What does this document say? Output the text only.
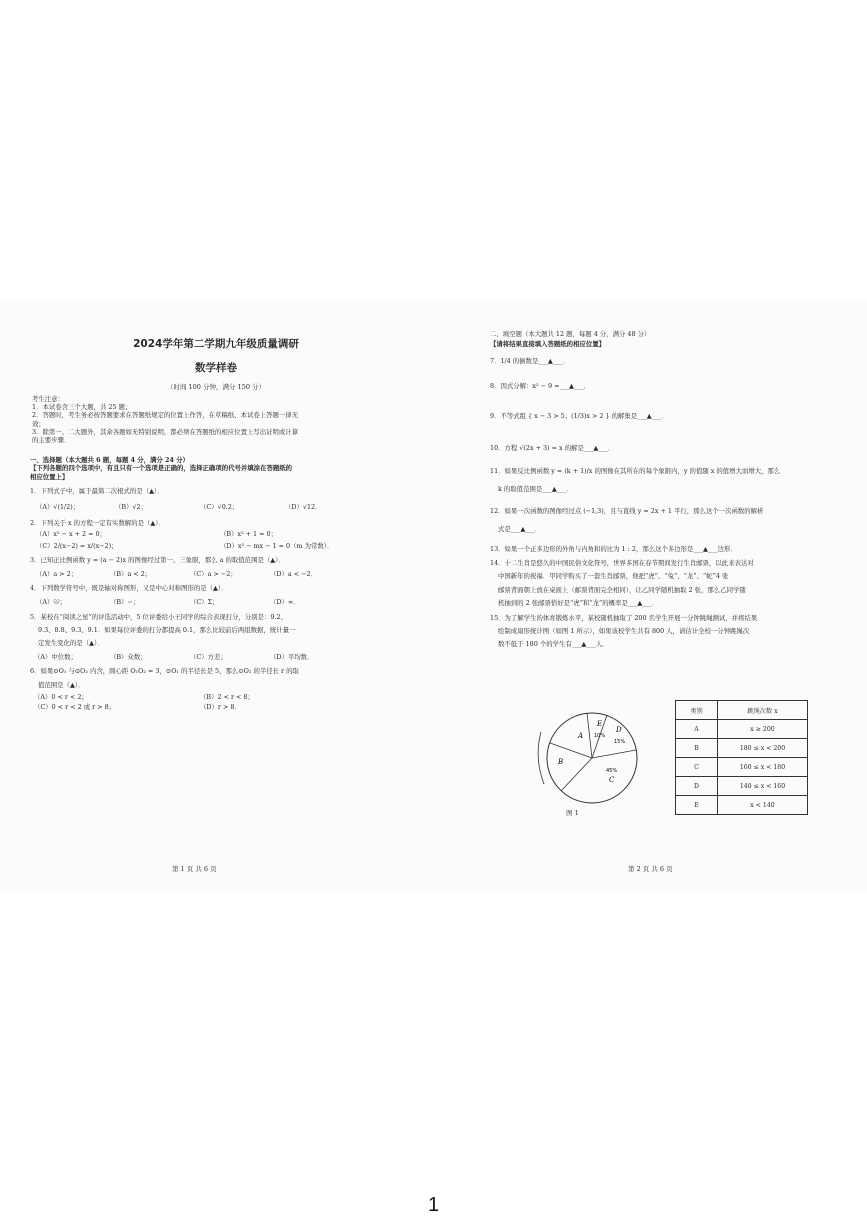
2024学年第二学期九年级质量调研
数学样卷
（时间 100 分钟，满分 150 分）
考生注意：
1．本试卷含三个大题，共 25 题；
2．答题时，考生务必按答题要求在答题纸规定的位置上作答，在草稿纸、本试卷上答题一律无
效；
3．除第一、二大题外，其余各题如无特别说明，都必须在答题纸的相应位置上写出证明或计算
的主要步骤．
一、选择题（本大题共 6 题，每题 4 分，满分 24 分）
【下列各题的四个选项中，有且只有一个选项是正确的，选择正确项的代号并填涂在答题纸的
相应位置上】
1．下列式子中，属于最简二次根式的是（▲）．
（A）√(1/2)；	（B）√2；	（C）√0.2；	（D）√12．
2．下列关于 x 的方程一定有实数解的是（▲）．
（A）x² − x + 2 = 0；	（B）x² + 1 = 0；
（C）2/(x−2) = x/(x−2)；	（D）x² − mx − 1 = 0（m 为常数）．
3．已知正比例函数 y = (a − 2)x 的图像经过第一、三象限，那么 a 的取值范围是（▲）．
（A）a > 2；	（B）a < 2；	（C）a > −2；	（D）a < −2．
4．下列数学符号中，既是轴对称图形，又是中心对称图形的是（▲）．
（A）≌；	（B）∽；	（C）Σ；	（D）∞．
5．某校在“阅读之星”的评选活动中，5 位评委给小王同学的综合表现打分，分别是：9.2、
9.3、8.8、9.3、9.1．如果每位评委的打分都提高 0.1，那么比较前后两组数据，统计量一
定发生变化的是（▲）．
（A）中位数；	（B）众数；	（C）方差；	（D）平均数．
6．如果⊙O₁ 与⊙O₂ 内含，圆心距 O₁O₂ = 3，⊙O₁ 的半径长是 5，那么⊙O₂ 的半径长 r 的取
值范围是（▲）．
（A）0 < r < 2；	（B）2 < r < 8；
（C）0 < r < 2 或 r > 8；	（D）r > 8．
第 1 页 共 6 页
二、填空题（本大题共 12 题，每题 4 分，满分 48 分）
【请将结果直接填入答题纸的相应位置】
7．1/4 的倒数是___▲___．
8．因式分解：x² − 9 =___▲___．
9．不等式组 { x − 3 > 5；(1/3)x > 2 } 的解集是___▲___．
10．方程 √(2x + 3) = x 的解是___▲___．
11．如果反比例函数 y = (k + 1)/x 的图像在其所在的每个象限内，y 的值随 x 的值增大而增大，那么
k 的取值范围是___▲___．
12．如果一次函数的图像经过点 (−1,3)，且与直线 y = 2x + 1 平行，那么这个一次函数的解析
式是___▲___．
13．如果一个正多边形的外角与内角和的比为 1 : 2，那么这个多边形是___▲___边形．
14．十二生肖是悠久的中国民俗文化符号，世界多国在春节期间发行生肖邮票，以此来表达对
中国新年的祝福．甲同学购买了一套生肖邮票，他把“虎”、“兔”、“龙”、“蛇”4 张
邮票背面朝上放在桌面上（邮票背面完全相同），让乙同学随机抽取 2 张，那么乙同学随
机抽到的 2 张邮票恰好是“虎”和“龙”的概率是___▲___．
15．为了解学生的体育锻炼水平，某校随机抽取了 200 名学生开展一分钟跳绳测试，并将结果
绘制成扇形统计图（如图 1 所示），如果该校学生共有 800 人，请估计全校一分钟跳绳次
数不低于 180 个的学生有___▲___人．
E
10%
D
15%
A
B
45%
C
图 1
类别	跳绳次数 x
A	x ≥ 200
B	180 ≤ x < 200
C	160 ≤ x < 180
D	140 ≤ x < 160
E	x < 140
第 2 页 共 6 页
1
